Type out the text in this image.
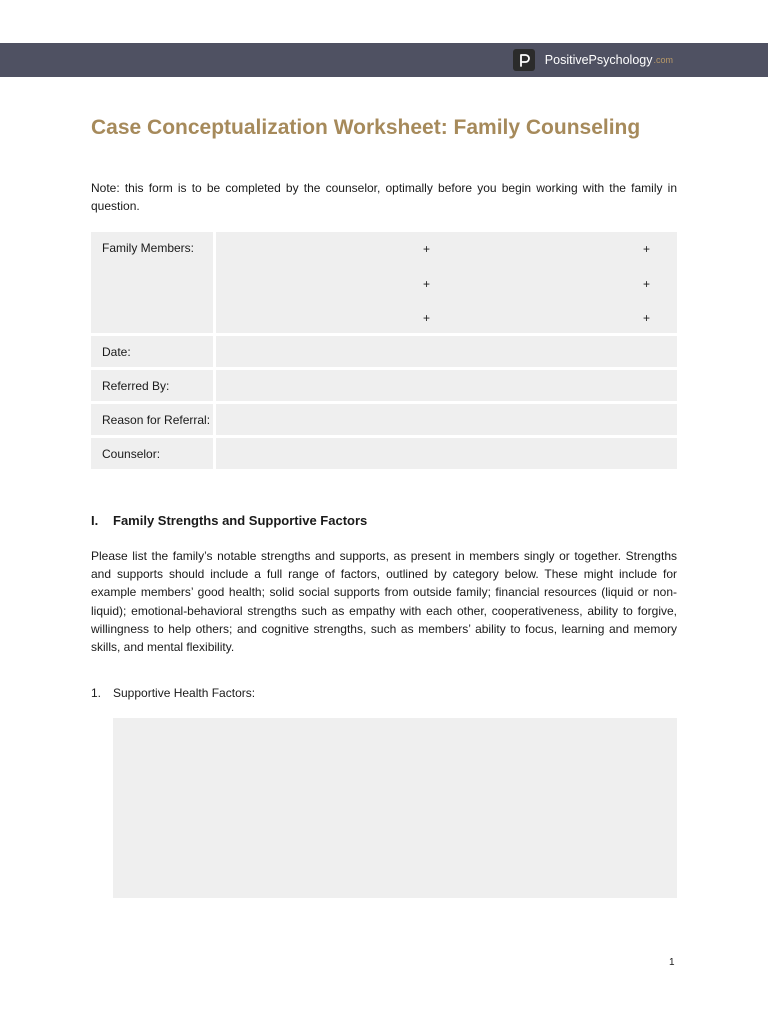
PositivePsychology .com
Case Conceptualization Worksheet: Family Counseling

Note: this form is to be completed by the counselor, optimally before you begin working with the family in question.

Family Members:	+	+
+	+
+	+
Date:
Referred By:
Reason for Referral:
Counselor:
I. Family Strengths and Supportive Factors

Please list the family’s notable strengths and supports, as present in members singly or together. Strengths and supports should include a full range of factors, outlined by category below. These might include for example members’ good health; solid social supports from outside family; financial resources (liquid or non-liquid); emotional-behavioral strengths such as empathy with each other, cooperativeness, ability to forgive, willingness to help others; and cognitive strengths, such as members’ ability to focus, learning and memory skills, and mental flexibility.

1. Supportive Health Factors:
1
